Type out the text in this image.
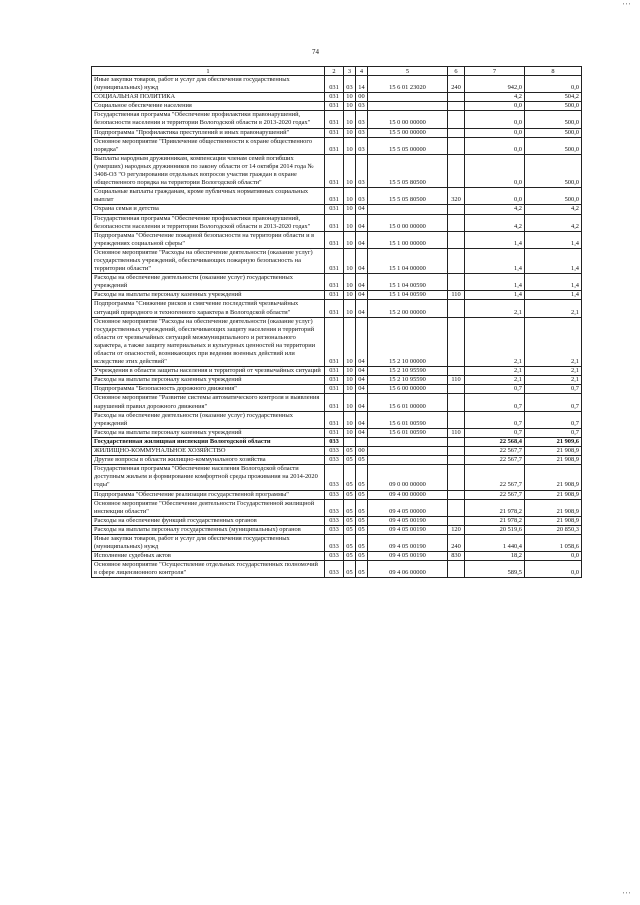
74
' ' '
' ' '
1	2	3	4	5	6	7	8
Иные закупки товаров, работ и услуг для обеспечения государственных (муниципальных) нужд	031	03	14	15 6 01 23020	240	942,0	0,0
СОЦИАЛЬНАЯ ПОЛИТИКА	031	10	00			4,2	504,2
Социальное обеспечение населения	031	10	03			0,0	500,0
Государственная программа "Обеспечение профилактики правонарушений, безопасности населения и территории Вологодской области в 2013-2020 годах"	031	10	03	15 0 00 00000		0,0	500,0
Подпрограмма "Профилактика преступлений и иных правонарушений"	031	10	03	15 5 00 00000		0,0	500,0
Основное мероприятие "Привлечение общественности к охране общественного порядка"	031	10	03	15 5 05 00000		0,0	500,0
Выплаты народным дружинникам, компенсации членам семей погибших (умерших) народных дружинников по закону области от 14 октября 2014 года № 3408-ОЗ "О регулировании отдельных вопросов участия граждан в охране общественного порядка на территории Вологодской области"	031	10	03	15 5 05 80500		0,0	500,0
Социальные выплаты гражданам, кроме публичных нормативных социальных выплат	031	10	03	15 5 05 80500	320	0,0	500,0
Охрана семьи и детства	031	10	04			4,2	4,2
Государственная программа "Обеспечение профилактики правонарушений, безопасности населения и территории Вологодской области в 2013-2020 годах"	031	10	04	15 0 00 00000		4,2	4,2
Подпрограмма "Обеспечение пожарной безопасности на территории области и в учреждениях социальной сферы"	031	10	04	15 1 00 00000		1,4	1,4
Основное мероприятие "Расходы на обеспечение деятельности (оказание услуг) государственных учреждений, обеспечивающих пожарную безопасность на территории области"	031	10	04	15 1 04 00000		1,4	1,4
Расходы на обеспечение деятельности (оказание услуг) государственных учреждений	031	10	04	15 1 04 00590		1,4	1,4
Расходы на выплаты персоналу казенных учреждений	031	10	04	15 1 04 00590	110	1,4	1,4
Подпрограмма "Снижение рисков и смягчение последствий чрезвычайных ситуаций природного и техногенного характера в Вологодской области"	031	10	04	15 2 00 00000		2,1	2,1
Основное мероприятие "Расходы на обеспечение деятельности (оказание услуг) государственных учреждений, обеспечивающих защиту населения и территорий области от чрезвычайных ситуаций межмуниципального и регионального характера, а также защиту материальных и культурных ценностей на территории области от опасностей, возникающих при ведении военных действий или вследствие этих действий"	031	10	04	15 2 10 00000		2,1	2,1
Учреждения в области защиты населения и территорий от чрезвычайных ситуаций	031	10	04	15 2 10 95590		2,1	2,1
Расходы на выплаты персоналу казенных учреждений	031	10	04	15 2 10 95590	110	2,1	2,1
Подпрограмма "Безопасность дорожного движения"	031	10	04	15 6 00 00000		0,7	0,7
Основное мероприятие "Развитие системы автоматического контроля и выявления нарушений правил дорожного движения"	031	10	04	15 6 01 00000		0,7	0,7
Расходы на обеспечение деятельности (оказание услуг) государственных учреждений	031	10	04	15 6 01 00590		0,7	0,7
Расходы на выплаты персоналу казенных учреждений	031	10	04	15 6 01 00590	110	0,7	0,7
Государственная жилищная инспекция Вологодской области	033					22 568,4	21 909,6
ЖИЛИЩНО-КОММУНАЛЬНОЕ ХОЗЯЙСТВО	033	05	00			22 567,7	21 908,9
Другие вопросы в области жилищно-коммунального хозяйства	033	05	05			22 567,7	21 908,9
Государственная программа "Обеспечение населения Вологодской области доступным жильем и формирование комфортной среды проживания на 2014-2020 годы"	033	05	05	09 0 00 00000		22 567,7	21 908,9
Подпрограмма "Обеспечение реализации государственной программы"	033	05	05	09 4 00 00000		22 567,7	21 908,9
Основное мероприятие "Обеспечение деятельности Государственной жилищной инспекции области"	033	05	05	09 4 05 00000		21 978,2	21 908,9
Расходы на обеспечение функций государственных органов	033	05	05	09 4 05 00190		21 978,2	21 908,9
Расходы на выплаты персоналу государственных (муниципальных) органов	033	05	05	09 4 05 00190	120	20 519,6	20 850,3
Иные закупки товаров, работ и услуг для обеспечения государственных (муниципальных) нужд	033	05	05	09 4 05 00190	240	1 440,4	1 058,6
Исполнение судебных актов	033	05	05	09 4 05 00190	830	18,2	0,0
Основное мероприятие "Осуществление отдельных государственных полномочий в сфере лицензионного контроля"	033	05	05	09 4 06 00000		589,5	0,0
